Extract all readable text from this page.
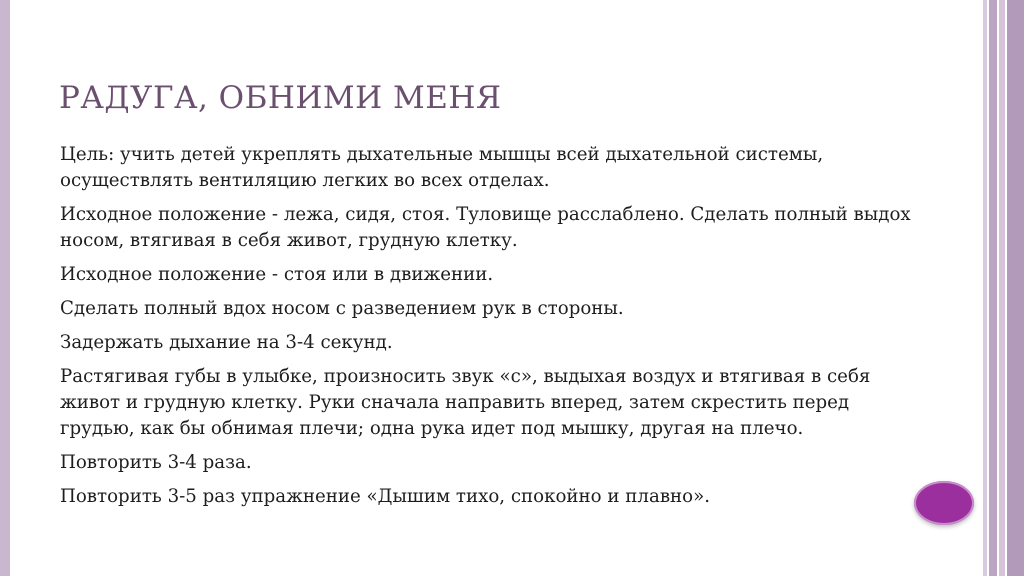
РАДУГА, ОБНИМИ МЕНЯ

Цель: учить детей укреплять дыхательные мышцы всей дыхательной системы, осуществлять вентиляцию легких во всех отделах.

Исходное положение - лежа, сидя, стоя. Туловище расслаблено. Сделать полный выдох носом, втягивая в себя живот, грудную клетку.

Исходное положение - стоя или в движении.

Сделать полный вдох носом с разведением рук в стороны.

Задержать дыхание на 3-4 секунд.

Растягивая губы в улыбке, произносить звук «с», выдыхая воздух и втягивая в себя живот и грудную клетку. Руки сначала направить вперед, затем скрестить перед грудью, как бы обнимая плечи; одна рука идет под мышку, другая на плечо.

Повторить 3-4 раза.

Повторить 3-5 раз упражнение «Дышим тихо, спокойно и плавно».
